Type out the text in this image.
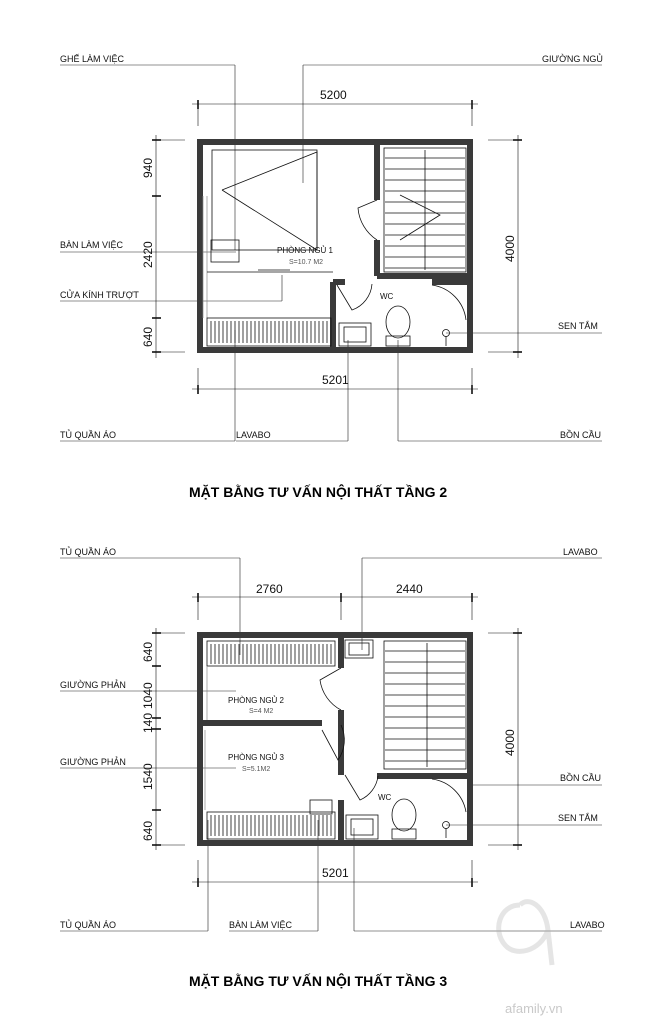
GHẾ LÀM VIỆC	GIƯỜNG NGỦ
BÀN LÀM VIỆC
CỬA KÍNH TRƯỢT
SEN TẮM
TỦ QUẦN ÁO	LAVABO	BỒN CẦU
5200
5201
940
2420
640
4000
PHÒNG NGỦ 1
S=10.7 M2
WC
MẶT BẰNG TƯ VẤN NỘI THẤT TẦNG 2
TỦ QUẦN ÁO	LAVABO
GIƯỜNG PHẢN
GIƯỜNG PHẢN
BỒN CẦU
SEN TẮM
TỦ QUẦN ÁO	BÀN LÀM VIỆC	LAVABO
2760	2440
5201
640
1040
140
1540
640
4000
PHÒNG NGỦ 2
S=4 M2
PHÒNG NGỦ 3
S=5.1M2
WC
MẶT BẰNG TƯ VẤN NỘI THẤT TẦNG 3
afamily.vn
